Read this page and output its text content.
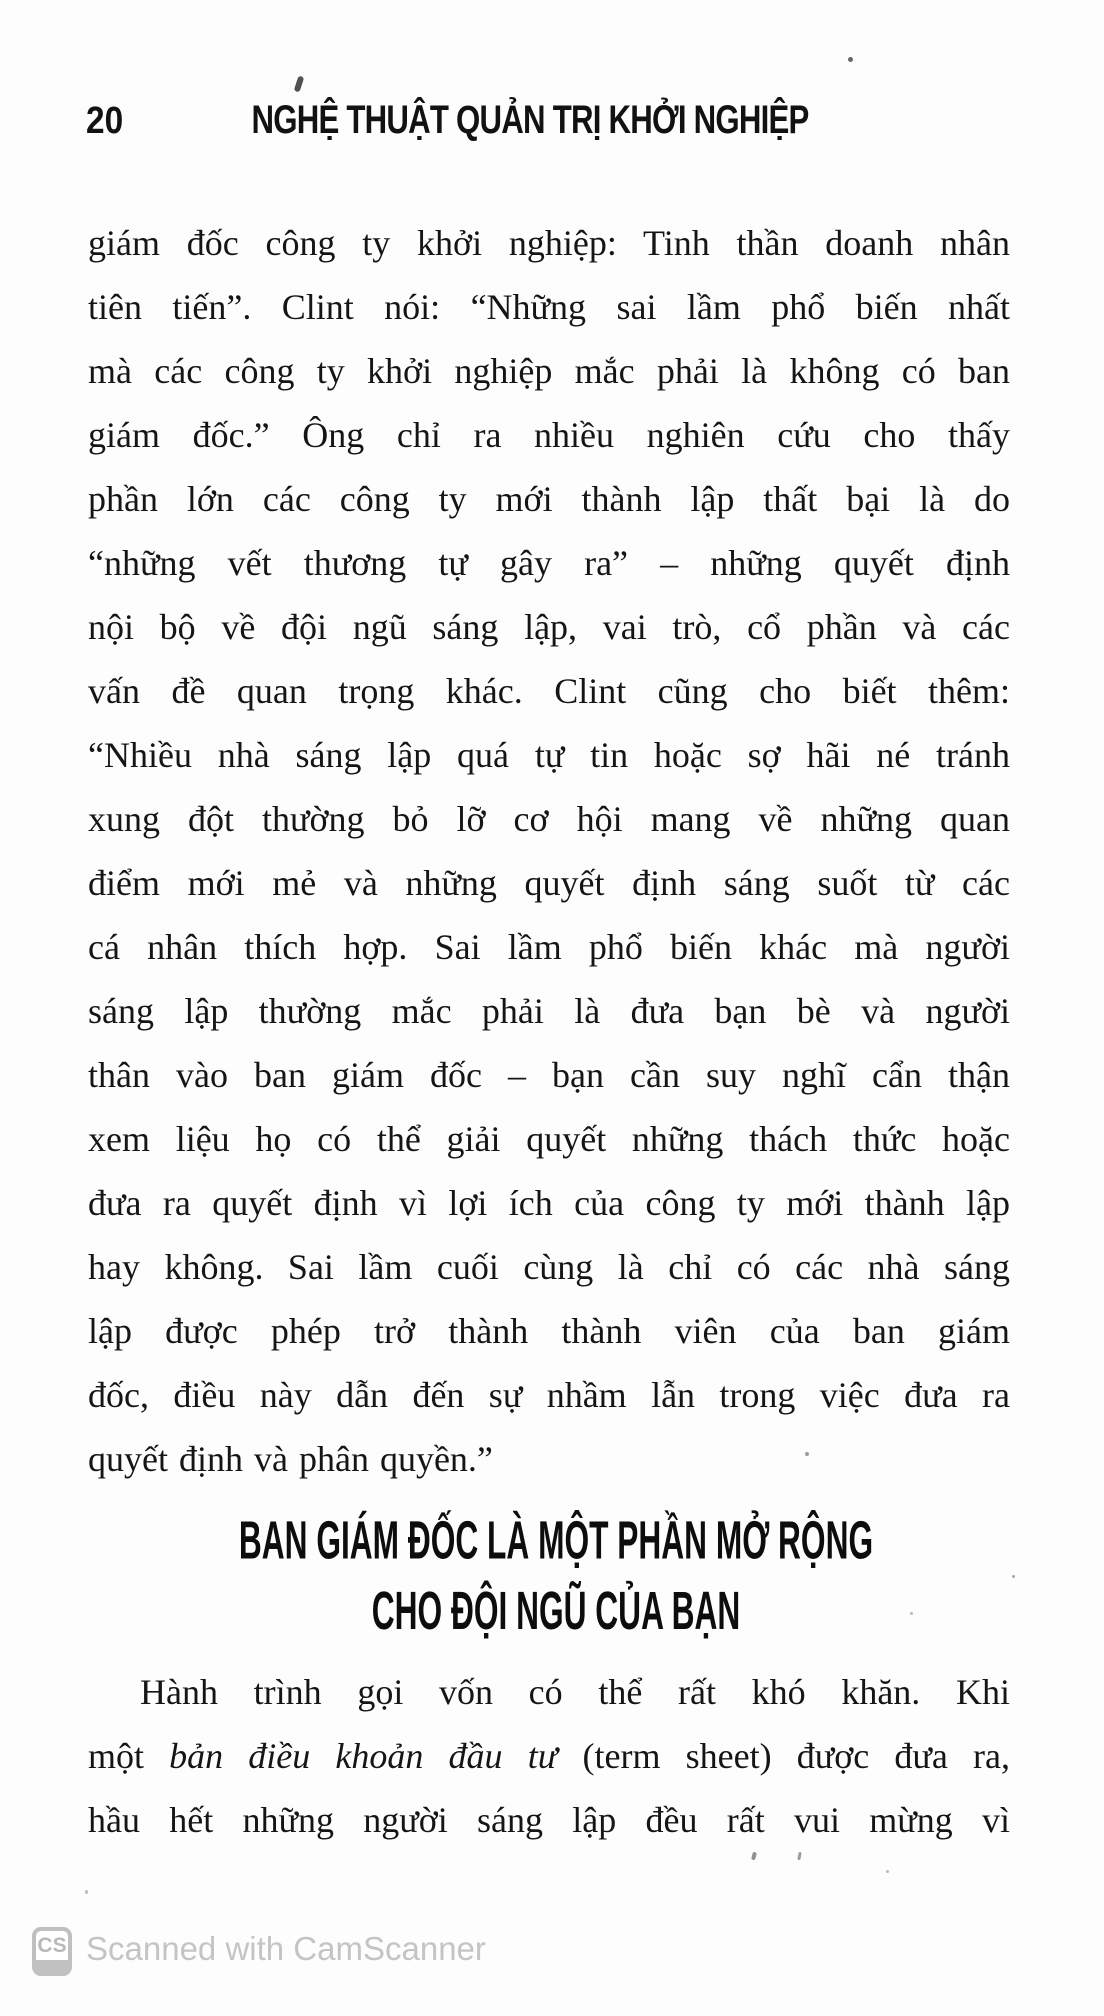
20	NGHỆ THUẬT QUẢN TRỊ KHỞI NGHIỆP
giám đốc công ty khởi nghiệp: Tinh thần doanh nhân
tiên tiến”. Clint nói: “Những sai lầm phổ biến nhất
mà các công ty khởi nghiệp mắc phải là không có ban
giám đốc.” Ông chỉ ra nhiều nghiên cứu cho thấy
phần lớn các công ty mới thành lập thất bại là do
“những vết thương tự gây ra” – những quyết định
nội bộ về đội ngũ sáng lập, vai trò, cổ phần và các
vấn đề quan trọng khác. Clint cũng cho biết thêm:
“Nhiều nhà sáng lập quá tự tin hoặc sợ hãi né tránh
xung đột thường bỏ lỡ cơ hội mang về những quan
điểm mới mẻ và những quyết định sáng suốt từ các
cá nhân thích hợp. Sai lầm phổ biến khác mà người
sáng lập thường mắc phải là đưa bạn bè và người
thân vào ban giám đốc – bạn cần suy nghĩ cẩn thận
xem liệu họ có thể giải quyết những thách thức hoặc
đưa ra quyết định vì lợi ích của công ty mới thành lập
hay không. Sai lầm cuối cùng là chỉ có các nhà sáng
lập được phép trở thành thành viên của ban giám
đốc, điều này dẫn đến sự nhầm lẫn trong việc đưa ra
quyết định và phân quyền.”
BAN GIÁM ĐỐC LÀ MỘT PHẦN MỞ RỘNG
CHO ĐỘI NGŨ CỦA BẠN
Hành trình gọi vốn có thể rất khó khăn. Khi
một bản điều khoản đầu tư (term sheet) được đưa ra,
hầu hết những người sáng lập đều rất vui mừng vì
CS Scanned with CamScanner
